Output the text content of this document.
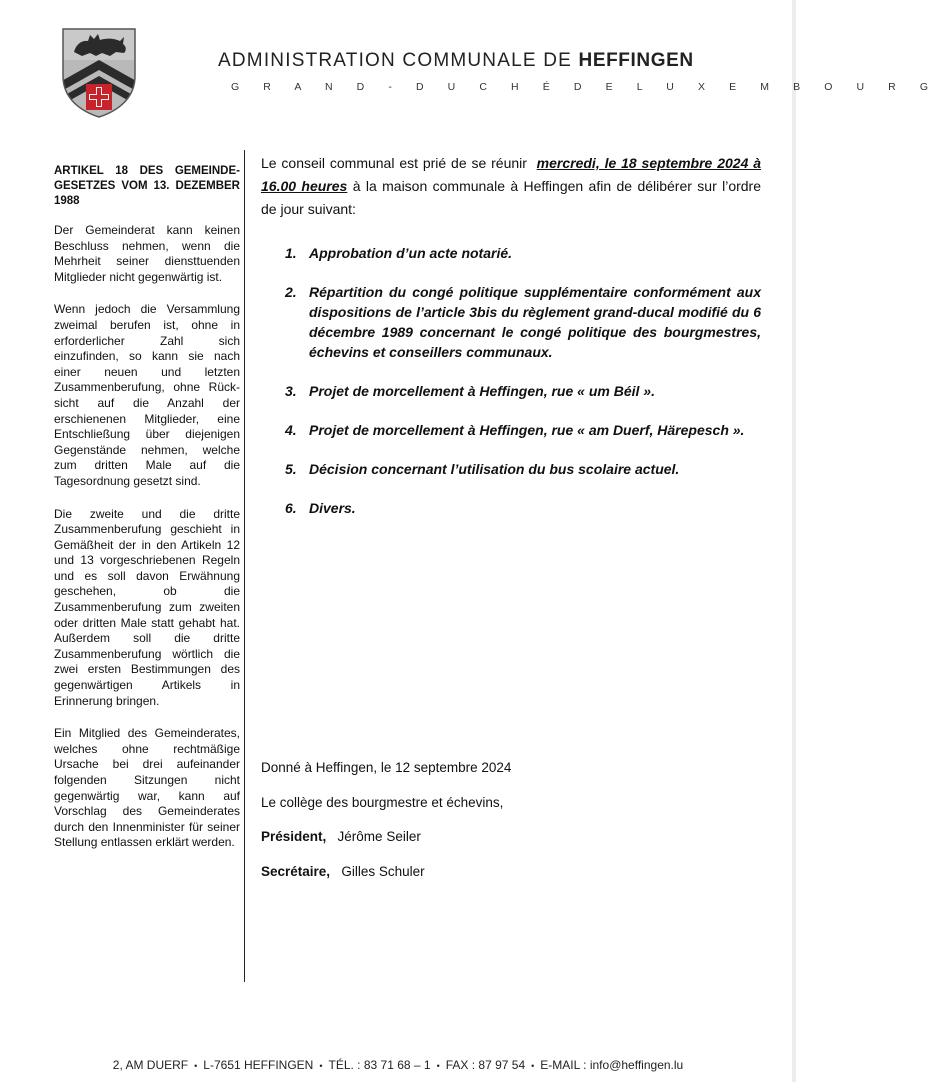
ADMINISTRATION COMMUNALE DE HEFFINGEN
G R A N D - D U C H É D E L U X E M B O U R G
ARTIKEL 18 DES GEMEINDE-GESETZES VOM 13. DEZEMBER 1988

Der Gemeinderat kann keinen Beschluss nehmen, wenn die Mehrheit seiner diensttuenden Mitglieder nicht gegenwärtig ist.

Wenn jedoch die Versammlung zweimal berufen ist, ohne in erforderlicher Zahl sich einzufinden, so kann sie nach einer neuen und letzten Zusammenberufung, ohne Rück-sicht auf die Anzahl der erschienenen Mitglieder, eine Entschließung über diejenigen Gegenstände nehmen, welche zum dritten Male auf die Tagesordnung gesetzt sind.

Die zweite und die dritte Zusammenberufung geschieht in Gemäßheit der in den Artikeln 12 und 13 vorgeschriebenen Regeln und es soll davon Erwähnung geschehen, ob die Zusammenberufung zum zweiten oder dritten Male statt gehabt hat. Außerdem soll die dritte Zusammenberufung wörtlich die zwei ersten Bestimmungen des gegenwärtigen Artikels in Erinnerung bringen.

Ein Mitglied des Gemeinderates, welches ohne rechtmäßige Ursache bei drei aufeinander folgenden Sitzungen nicht gegenwärtig war, kann auf Vorschlag des Gemeinderates durch den Innenminister für seiner Stellung entlassen erklärt werden.

Le conseil communal est prié de se réunir mercredi, le 18 septembre 2024 à 16.00 heures à la maison communale à Heffingen afin de délibérer sur l’ordre de jour suivant:

1. Approbation d’un acte notarié.
2. Répartition du congé politique supplémentaire conformément aux dispositions de l’article 3bis du règlement grand-ducal modifié du 6 décembre 1989 concernant le congé politique des bourgmestres, échevins et conseillers communaux.
3. Projet de morcellement à Heffingen, rue « um Béil ».
4. Projet de morcellement à Heffingen, rue « am Duerf, Härepesch ».
5. Décision concernant l’utilisation du bus scolaire actuel.
6. Divers.
Donné à Heffingen, le 12 septembre 2024
Le collège des bourgmestre et échevins,
Président, Jérôme Seiler
Secrétaire, Gilles Schuler
2, AM DUERF • L-7651 HEFFINGEN • TÉL. : 83 71 68 – 1 • FAX : 87 97 54 • E-MAIL : info@heffingen.lu
